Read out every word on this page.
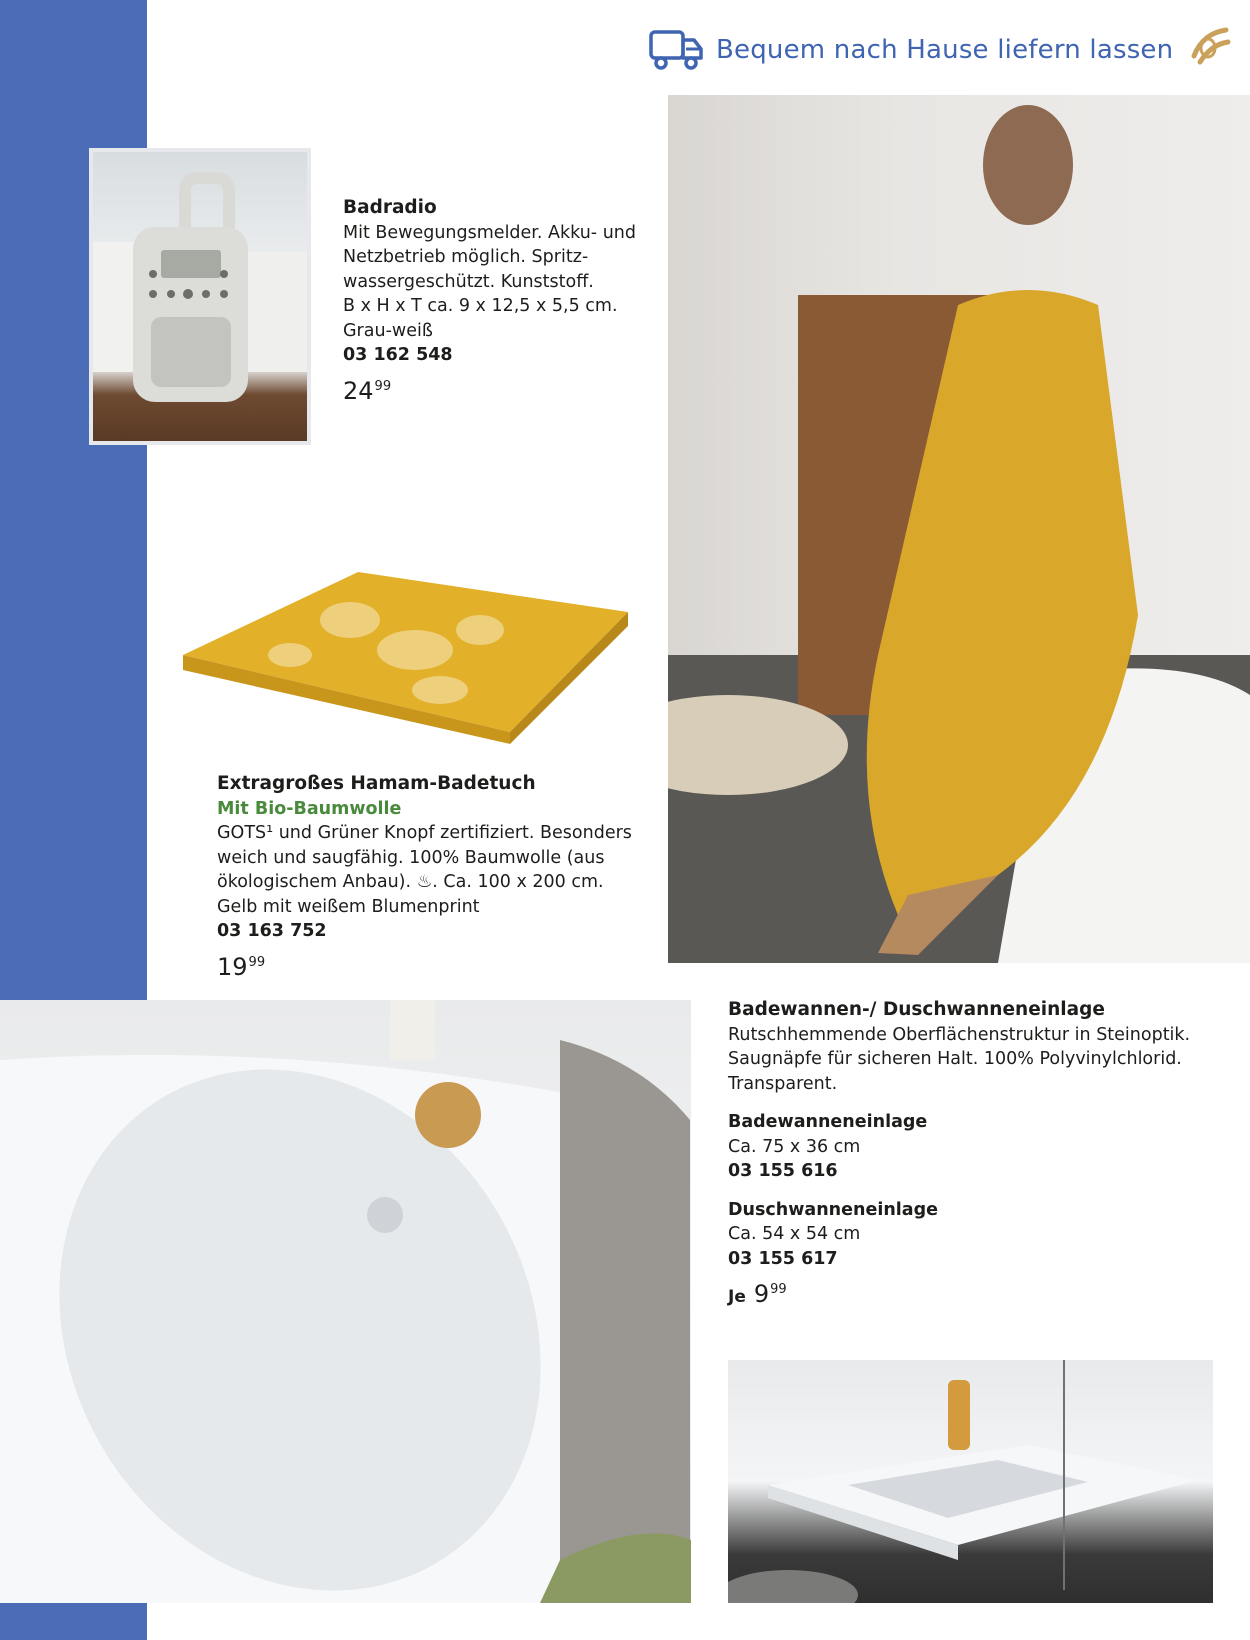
Bequem nach Hause liefern lassen
Badradio
Mit Bewegungsmelder. Akku- und
Netzbetrieb möglich. Spritz-
wassergeschützt. Kunststoff.
B x H x T ca. 9 x 12,5 x 5,5 cm.
Grau-weiß
03 162 548
$24^{99}$
Extragroßes Hamam-Badetuch
Mit Bio-Baumwolle
GOTS¹ und Grüner Knopf zertifiziert. Besonders
weich und saugfähig. 100% Baumwolle (aus
ökologischem Anbau). ♨. Ca. 100 x 200 cm.
Gelb mit weißem Blumenprint
03 163 752
$19^{99}$
Badewannen-/ Duschwanneneinlage
Rutschhemmende Oberflächenstruktur in Steinoptik.
Saugnäpfe für sicheren Halt. 100% Polyvinylchlorid.
Transparent.
Badewanneneinlage
Ca. 75 x 36 cm
03 155 616
Duschwanneneinlage
Ca. 54 x 54 cm
03 155 617
Je $9^{99}$
